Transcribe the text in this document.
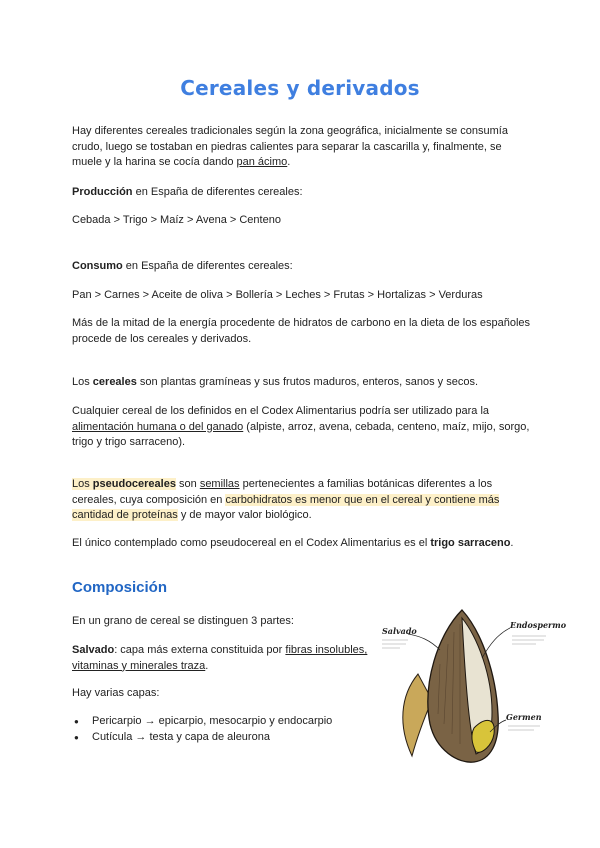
Cereales y derivados
Hay diferentes cereales tradicionales según la zona geográfica, inicialmente se consumía crudo, luego se tostaban en piedras calientes para separar la cascarilla y, finalmente, se muele y la harina se cocía dando pan ácimo.
Producción en España de diferentes cereales:
Cebada > Trigo > Maíz > Avena > Centeno
Consumo en España de diferentes cereales:
Pan > Carnes > Aceite de oliva > Bollería > Leches > Frutas > Hortalizas > Verduras
Más de la mitad de la energía procedente de hidratos de carbono en la dieta de los españoles procede de los cereales y derivados.
Los cereales son plantas gramíneas y sus frutos maduros, enteros, sanos y secos.
Cualquier cereal de los definidos en el Codex Alimentarius podría ser utilizado para la alimentación humana o del ganado (alpiste, arroz, avena, cebada, centeno, maíz, mijo, sorgo, trigo y trigo sarraceno).
Los pseudocereales son semillas pertenecientes a familias botánicas diferentes a los cereales, cuya composición en carbohidratos es menor que en el cereal y contiene más cantidad de proteínas y de mayor valor biológico.
El único contemplado como pseudocereal en el Codex Alimentarius es el trigo sarraceno.
Composición
En un grano de cereal se distinguen 3 partes:
Salvado: capa más externa constituida por fibras insolubles, vitaminas y minerales traza.
Hay varias capas:
● Pericarpio → epicarpio, mesocarpio y endocarpio
● Cutícula → testa y capa de aleurona
Salvado
Endospermo
Germen
